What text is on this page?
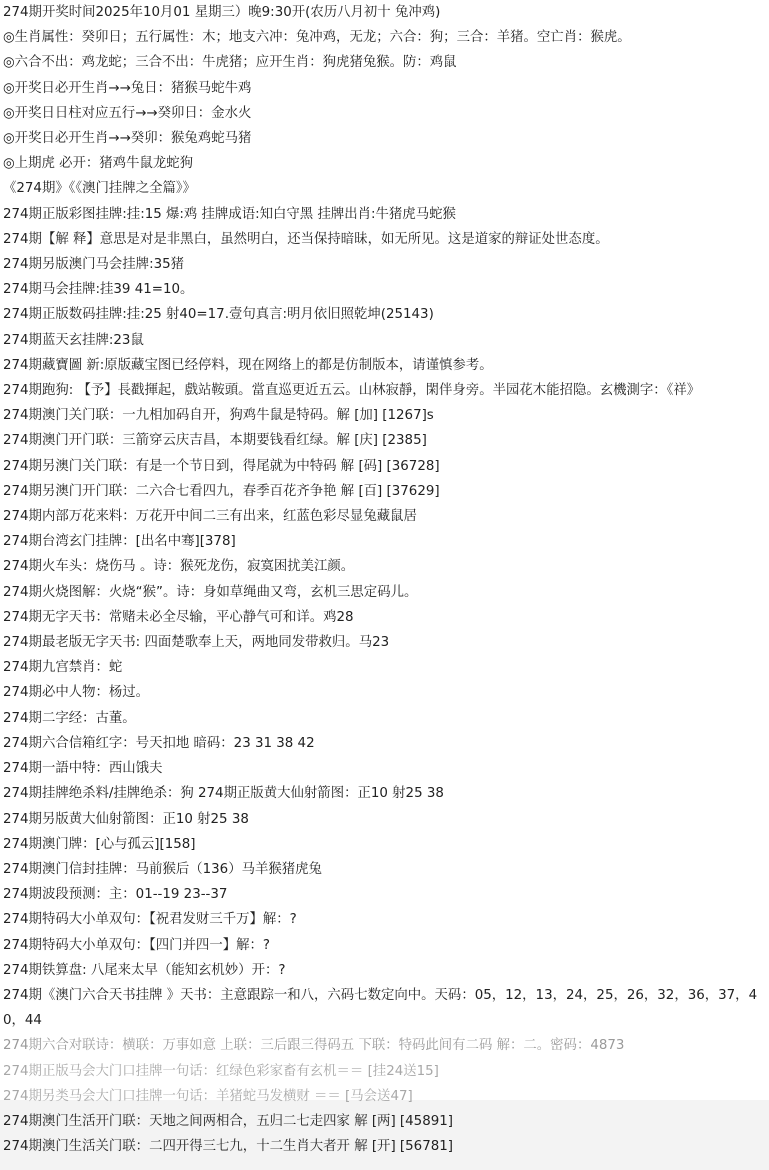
274期开奖时间2025年10月01 星期三）晚9:30开(农历八月初十 兔冲鸡)
◎生肖属性：癸卯日；五行属性：木；地支六冲：兔冲鸡，无龙；六合：狗；三合：羊猪。空亡肖：猴虎。
◎六合不出：鸡龙蛇；三合不出：牛虎猪；应开生肖：狗虎猪兔猴。防：鸡鼠
◎开奖日必开生肖→→兔日：猪猴马蛇牛鸡
◎开奖日日柱对应五行→→癸卯日：金水火
◎开奖日必开生肖→→癸卯：猴兔鸡蛇马猪
◎上期虎 必开：猪鸡牛鼠龙蛇狗
《274期》《《澳门挂牌之全篇》》
274期正版彩图挂牌:挂:15 爆:鸡 挂牌成语:知白守黑 挂牌出肖:牛猪虎马蛇猴
274期【解 释】意思是对是非黑白，虽然明白，还当保持暗昧，如无所见。这是道家的辩证处世态度。
274期另版澳门马会挂牌:35猪
274期马会挂牌:挂39 41=10。
274期正版数码挂牌:挂:25 射40=17.壹句真言:明月依旧照乾坤(25143)
274期蓝天玄挂牌:23鼠
274期藏寶圖 新:原版藏宝图已经停料，现在网络上的都是仿制版本，请谨慎参考。
274期跑狗: 【予】長戳揮起，戲站鞍頭。當直巡更近五云。山林寂靜，閑伴身旁。半园花木能招隐。玄機測字：《祥》
274期澳门关门联：一九相加码自开，狗鸡牛鼠是特码。解 [加] [1267]s
274期澳门开门联：三箭穿云庆吉昌，本期要钱看红绿。解 [庆] [2385]
274期另澳门关门联：有是一个节日到，得尾就为中特码 解 [码] [36728]
274期另澳门开门联：二六合七看四九，春季百花齐争艳 解 [百] [37629]
274期内部万花来料：万花开中间二三有出来，红蓝色彩尽显兔藏鼠居
274期台湾玄门挂牌：[出名中骞][378]
274期火车头：烧伤马 。诗：猴死龙伤，寂寞困扰美江颜。
274期火烧图解：火烧“猴”。诗：身如草绳曲又弯，玄机三思定码儿。
274期无字天书：常赌未必全尽输，平心静气可和详。鸡28
274期最老版无字天书: 四面楚歌奉上天，两地同发带救归。马23
274期九宫禁肖：蛇
274期必中人物：杨过。
274期二字经：古董。
274期六合信箱红字：号天扣地 暗码：23 31 38 42
274期一語中特：西山饿夫
274期挂牌绝杀料/挂牌绝杀：狗 274期正版黄大仙射箭图：正10 射25 38
274期另版黄大仙射箭图：正10 射25 38
274期澳门牌：[心与孤云][158]
274期澳门信封挂牌：马前猴后（136）马羊猴猪虎兔
274期波段预测：主：01--19 23--37
274期特码大小单双句：【祝君发财三千万】解：?
274期特码大小单双句：【四门并四一】解：?
274期铁算盘: 八尾来太早（能知玄机妙）开：?
274期《澳门六合天书挂牌 》天书：主意跟踪一和八，六码七数定向中。天码：05，12，13，24，25，26，32，36，37，40，44
274期六合对联诗：横联：万事如意 上联：三后跟三得码五 下联：特码此间有二码 解：二。密码：4873
274期正版马会大门口挂牌一句话：红绿色彩家畜有玄机＝＝ [挂24送15]
274期另类马会大门口挂牌一句话：羊猪蛇马发横财 ＝＝ [马会送47]
274期澳门生活开门联：天地之间两相合，五归二七走四家 解 [两] [45891]
274期澳门生活关门联：二四开得三七九，十二生肖大者开 解 [开] [56781]
